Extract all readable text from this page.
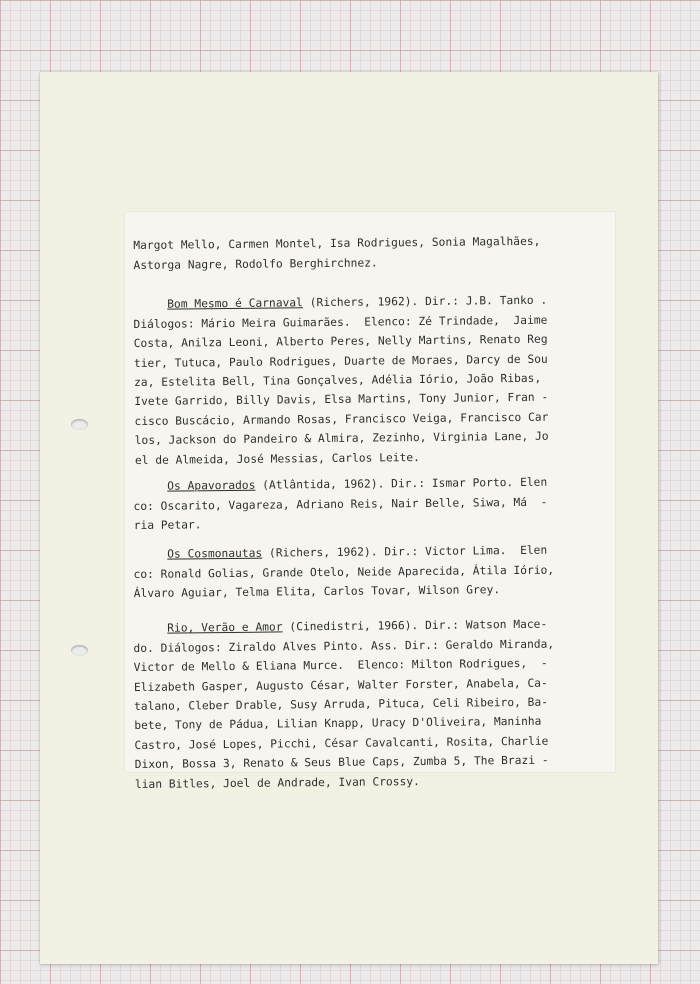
Margot Mello, Carmen Montel, Isa Rodrigues, Sonia Magalhães,
Astorga Nagre, Rodolfo Berghirchnez.

Bom Mesmo é Carnaval (Richers, 1962). Dir.: J.B. Tanko .
Diálogos: Mário Meira Guimarães.  Elenco: Zé Trindade,  Jaime
Costa, Anilza Leoni, Alberto Peres, Nelly Martins, Renato Reg
tier, Tutuca, Paulo Rodrigues, Duarte de Moraes, Darcy de Sou
za, Estelita Bell, Tina Gonçalves, Adélia Iório, João Ribas,
Ivete Garrido, Billy Davis, Elsa Martins, Tony Junior, Fran -
cisco Buscácio, Armando Rosas, Francisco Veiga, Francisco Car
los, Jackson do Pandeiro & Almira, Zezinho, Virginia Lane, Jo
el de Almeida, José Messias, Carlos Leite.

Os Apavorados (Atlântida, 1962). Dir.: Ismar Porto. Elen
co: Oscarito, Vagareza, Adriano Reis, Nair Belle, Siwa, Má  -
ria Petar.

Os Cosmonautas (Richers, 1962). Dir.: Victor Lima.  Elen
co: Ronald Golias, Grande Otelo, Neide Aparecida, Átila Iório,
Álvaro Aguiar, Telma Elita, Carlos Tovar, Wilson Grey.

Rio, Verão e Amor (Cinedistri, 1966). Dir.: Watson Mace-
do. Diálogos: Ziraldo Alves Pinto. Ass. Dir.: Geraldo Miranda,
Victor de Mello & Eliana Murce.  Elenco: Milton Rodrigues,  -
Elizabeth Gasper, Augusto César, Walter Forster, Anabela, Ca-
talano, Cleber Drable, Susy Arruda, Pituca, Celi Ribeiro, Ba-
bete, Tony de Pádua, Lilian Knapp, Uracy D'Oliveira, Maninha
Castro, José Lopes, Picchi, César Cavalcanti, Rosita, Charlie
Dixon, Bossa 3, Renato & Seus Blue Caps, Zumba 5, The Brazi -
lian Bitles, Joel de Andrade, Ivan Crossy.
